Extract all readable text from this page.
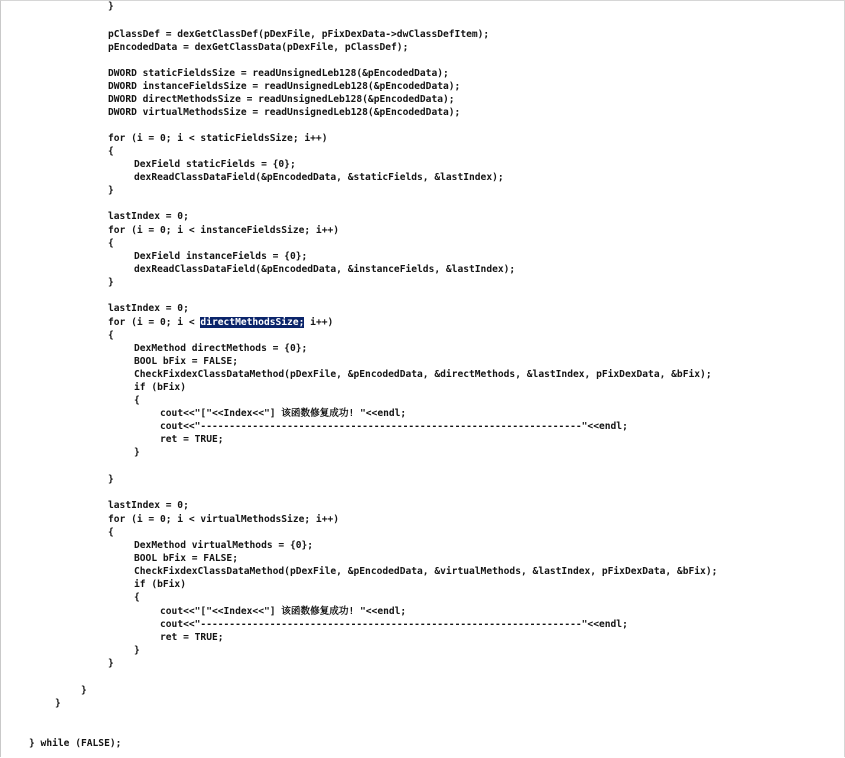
}
pClassDef = dexGetClassDef(pDexFile, pFixDexData->dwClassDefItem);
pEncodedData = dexGetClassData(pDexFile, pClassDef);
DWORD staticFieldsSize = readUnsignedLeb128(&pEncodedData);
DWORD instanceFieldsSize = readUnsignedLeb128(&pEncodedData);
DWORD directMethodsSize = readUnsignedLeb128(&pEncodedData);
DWORD virtualMethodsSize = readUnsignedLeb128(&pEncodedData);
for (i = 0; i < staticFieldsSize; i++)
{
DexField staticFields = {0};
dexReadClassDataField(&pEncodedData, &staticFields, &lastIndex);
}
lastIndex = 0;
for (i = 0; i < instanceFieldsSize; i++)
{
DexField instanceFields = {0};
dexReadClassDataField(&pEncodedData, &instanceFields, &lastIndex);
}
lastIndex = 0;
for (i = 0; i < directMethodsSize; i++)
{
DexMethod directMethods = {0};
BOOL bFix = FALSE;
CheckFixdexClassDataMethod(pDexFile, &pEncodedData, &directMethods, &lastIndex, pFixDexData, &bFix);
if (bFix)
{
cout<<"["<<Index<<"] 该函数修复成功! "<<endl;
cout<<"------------------------------------------------------------------"<<endl;
ret = TRUE;
}
}
lastIndex = 0;
for (i = 0; i < virtualMethodsSize; i++)
{
DexMethod virtualMethods = {0};
BOOL bFix = FALSE;
CheckFixdexClassDataMethod(pDexFile, &pEncodedData, &virtualMethods, &lastIndex, pFixDexData, &bFix);
if (bFix)
{
cout<<"["<<Index<<"] 该函数修复成功! "<<endl;
cout<<"------------------------------------------------------------------"<<endl;
ret = TRUE;
}
}
}
}
} while (FALSE);
